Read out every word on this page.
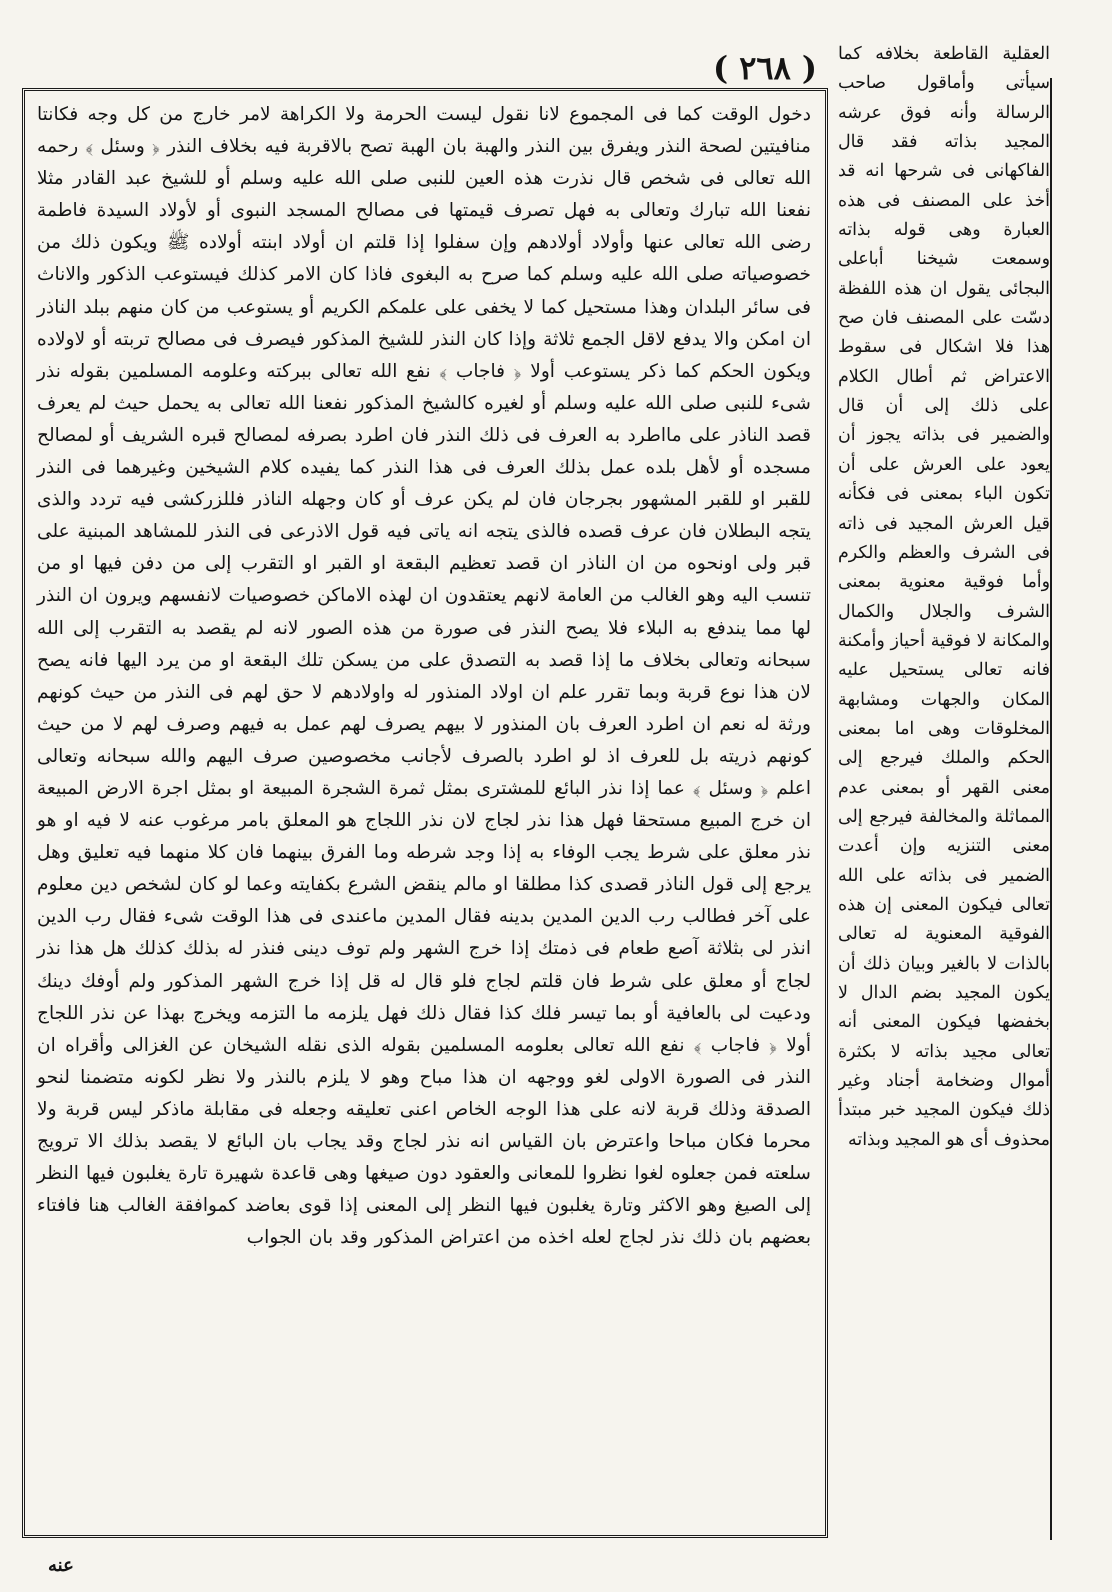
( ٢٦٨ )

دخول الوقت كما فى المجموع لانا نقول ليست الحرمة ولا الكراهة لامر خارج من كل وجه فكانتا منافيتين لصحة النذر ويفرق بين النذر والهبة بان الهبة تصح بالاقربة فيه بخلاف النذر ﴿ وسئل ﴾ رحمه الله تعالى فى شخص قال نذرت هذه العين للنبى صلى الله عليه وسلم أو للشيخ عبد القادر مثلا نفعنا الله تبارك وتعالى به فهل تصرف قيمتها فى مصالح المسجد النبوى أو لأولاد السيدة فاطمة رضى الله تعالى عنها وأولاد أولادهم وإن سفلوا إذا قلتم ان أولاد ابنته أولاده ﷺ ويكون ذلك من خصوصياته صلى الله عليه وسلم كما صرح به البغوى فاذا كان الامر كذلك فيستوعب الذكور والاناث فى سائر البلدان وهذا مستحيل كما لا يخفى على علمكم الكريم أو يستوعب من كان منهم ببلد الناذر ان امكن والا يدفع لاقل الجمع ثلاثة وإذا كان النذر للشيخ المذكور فيصرف فى مصالح تربته أو لاولاده ويكون الحكم كما ذكر يستوعب أولا ﴿ فاجاب ﴾ نفع الله تعالى ببركته وعلومه المسلمين بقوله نذر شىء للنبى صلى الله عليه وسلم أو لغيره كالشيخ المذكور نفعنا الله تعالى به يحمل حيث لم يعرف قصد الناذر على مااطرد به العرف فى ذلك النذر فان اطرد بصرفه لمصالح قبره الشريف أو لمصالح مسجده أو لأهل بلده عمل بذلك العرف فى هذا النذر كما يفيده كلام الشيخين وغيرهما فى النذر للقبر او للقبر المشهور بجرجان فان لم يكن عرف أو كان وجهله الناذر فللزركشى فيه تردد والذى يتجه البطلان فان عرف قصده فالذى يتجه انه ياتى فيه قول الاذرعى فى النذر للمشاهد المبنية على قبر ولى اونحوه من ان الناذر ان قصد تعظيم البقعة او القبر او التقرب إلى من دفن فيها او من تنسب اليه وهو الغالب من العامة لانهم يعتقدون ان لهذه الاماكن خصوصيات لانفسهم ويرون ان النذر لها مما يندفع به البلاء فلا يصح النذر فى صورة من هذه الصور لانه لم يقصد به التقرب إلى الله سبحانه وتعالى بخلاف ما إذا قصد به التصدق على من يسكن تلك البقعة او من يرد اليها فانه يصح لان هذا نوع قربة وبما تقرر علم ان اولاد المنذور له واولادهم لا حق لهم فى النذر من حيث كونهم ورثة له نعم ان اطرد العرف بان المنذور لا بيهم يصرف لهم عمل به فيهم وصرف لهم لا من حيث كونهم ذريته بل للعرف اذ لو اطرد بالصرف لأجانب مخصوصين صرف اليهم والله سبحانه وتعالى اعلم ﴿ وسئل ﴾ عما إذا نذر البائع للمشترى بمثل ثمرة الشجرة المبيعة او بمثل اجرة الارض المبيعة ان خرج المبيع مستحقا فهل هذا نذر لجاج لان نذر اللجاج هو المعلق بامر مرغوب عنه لا فيه او هو نذر معلق على شرط يجب الوفاء به إذا وجد شرطه وما الفرق بينهما فان كلا منهما فيه تعليق وهل يرجع إلى قول الناذر قصدى كذا مطلقا او مالم ينقض الشرع بكفايته وعما لو كان لشخص دين معلوم على آخر فطالب رب الدين المدين بدينه فقال المدين ماعندى فى هذا الوقت شىء فقال رب الدين انذر لى بثلاثة آصع طعام فى ذمتك إذا خرج الشهر ولم توف دينى فنذر له بذلك كذلك هل هذا نذر لجاج أو معلق على شرط فان قلتم لجاج فلو قال له قل إذا خرج الشهر المذكور ولم أوفك دينك ودعيت لى بالعافية أو بما تيسر فلك كذا فقال ذلك فهل يلزمه ما التزمه ويخرج بهذا عن نذر اللجاج أولا ﴿ فاجاب ﴾ نفع الله تعالى بعلومه المسلمين بقوله الذى نقله الشيخان عن الغزالى وأقراه ان النذر فى الصورة الاولى لغو ووجهه ان هذا مباح وهو لا يلزم بالنذر ولا نظر لكونه متضمنا لنحو الصدقة وذلك قربة لانه على هذا الوجه الخاص اعنى تعليقه وجعله فى مقابلة ماذكر ليس قربة ولا محرما فكان مباحا واعترض بان القياس انه نذر لجاج وقد يجاب بان البائع لا يقصد بذلك الا ترويج سلعته فمن جعلوه لغوا نظروا للمعانى والعقود دون صيغها وهى قاعدة شهيرة تارة يغلبون فيها النظر إلى الصيغ وهو الاكثر وتارة يغلبون فيها النظر إلى المعنى إذا قوى بعاضد كموافقة الغالب هنا فافتاء بعضهم بان ذلك نذر لجاج لعله اخذه من اعتراض المذكور وقد بان الجواب

العقلية القاطعة بخلافه كما سيأتى وأماقول صاحب الرسالة وأنه فوق عرشه المجيد بذاته فقد قال الفاكهانى فى شرحها انه قد أخذ على المصنف فى هذه العبارة وهى قوله بذاته وسمعت شيخنا أباعلى البجائى يقول ان هذه اللفظة دسّت على المصنف فان صح هذا فلا اشكال فى سقوط الاعتراض ثم أطال الكلام على ذلك إلى أن قال والضمير فى بذاته يجوز أن يعود على العرش على أن تكون الباء بمعنى فى فكأنه قيل العرش المجيد فى ذاته فى الشرف والعظم والكرم وأما فوقية معنوية بمعنى الشرف والجلال والكمال والمكانة لا فوقية أحياز وأمكنة فانه تعالى يستحيل عليه المكان والجهات ومشابهة المخلوقات وهى اما بمعنى الحكم والملك فيرجع إلى معنى القهر أو بمعنى عدم المماثلة والمخالفة فيرجع إلى معنى التنزيه وإن أعدت الضمير فى بذاته على الله تعالى فيكون المعنى إن هذه الفوقية المعنوية له تعالى بالذات لا بالغير وبيان ذلك أن يكون المجيد بضم الدال لا بخفضها فيكون المعنى أنه تعالى مجيد بذاته لا بكثرة أموال وضخامة أجناد وغير ذلك فيكون المجيد خبر مبتدأ محذوف أى هو المجيد وبذاته

عنه
